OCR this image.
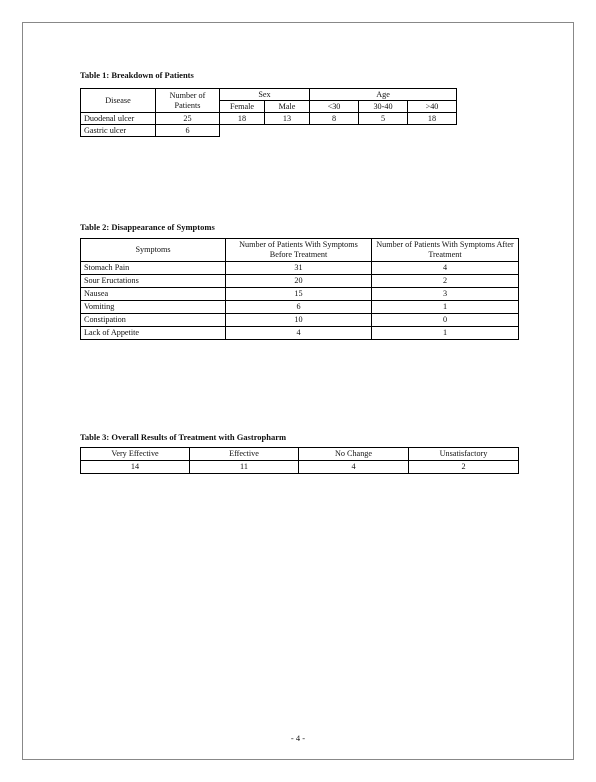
Table 1: Breakdown of Patients
Disease	Number of Patients	Sex		Age		
		Female	Male	<30	30-40	>40
Duodenal ulcer	25	18	13	8	5	18
Gastric ulcer	6					
Table 2: Disappearance of Symptoms
Symptoms	Number of Patients With Symptoms Before Treatment	Number of Patients With Symptoms After Treatment
Stomach Pain	31	4
Sour Eructations	20	2
Nausea	15	3
Vomiting	6	1
Constipation	10	0
Lack of Appetite	4	1
Table 3: Overall Results of Treatment with Gastropharm
Very Effective	Effective	No Change	Unsatisfactory
14	11	4	2
- 4 -
